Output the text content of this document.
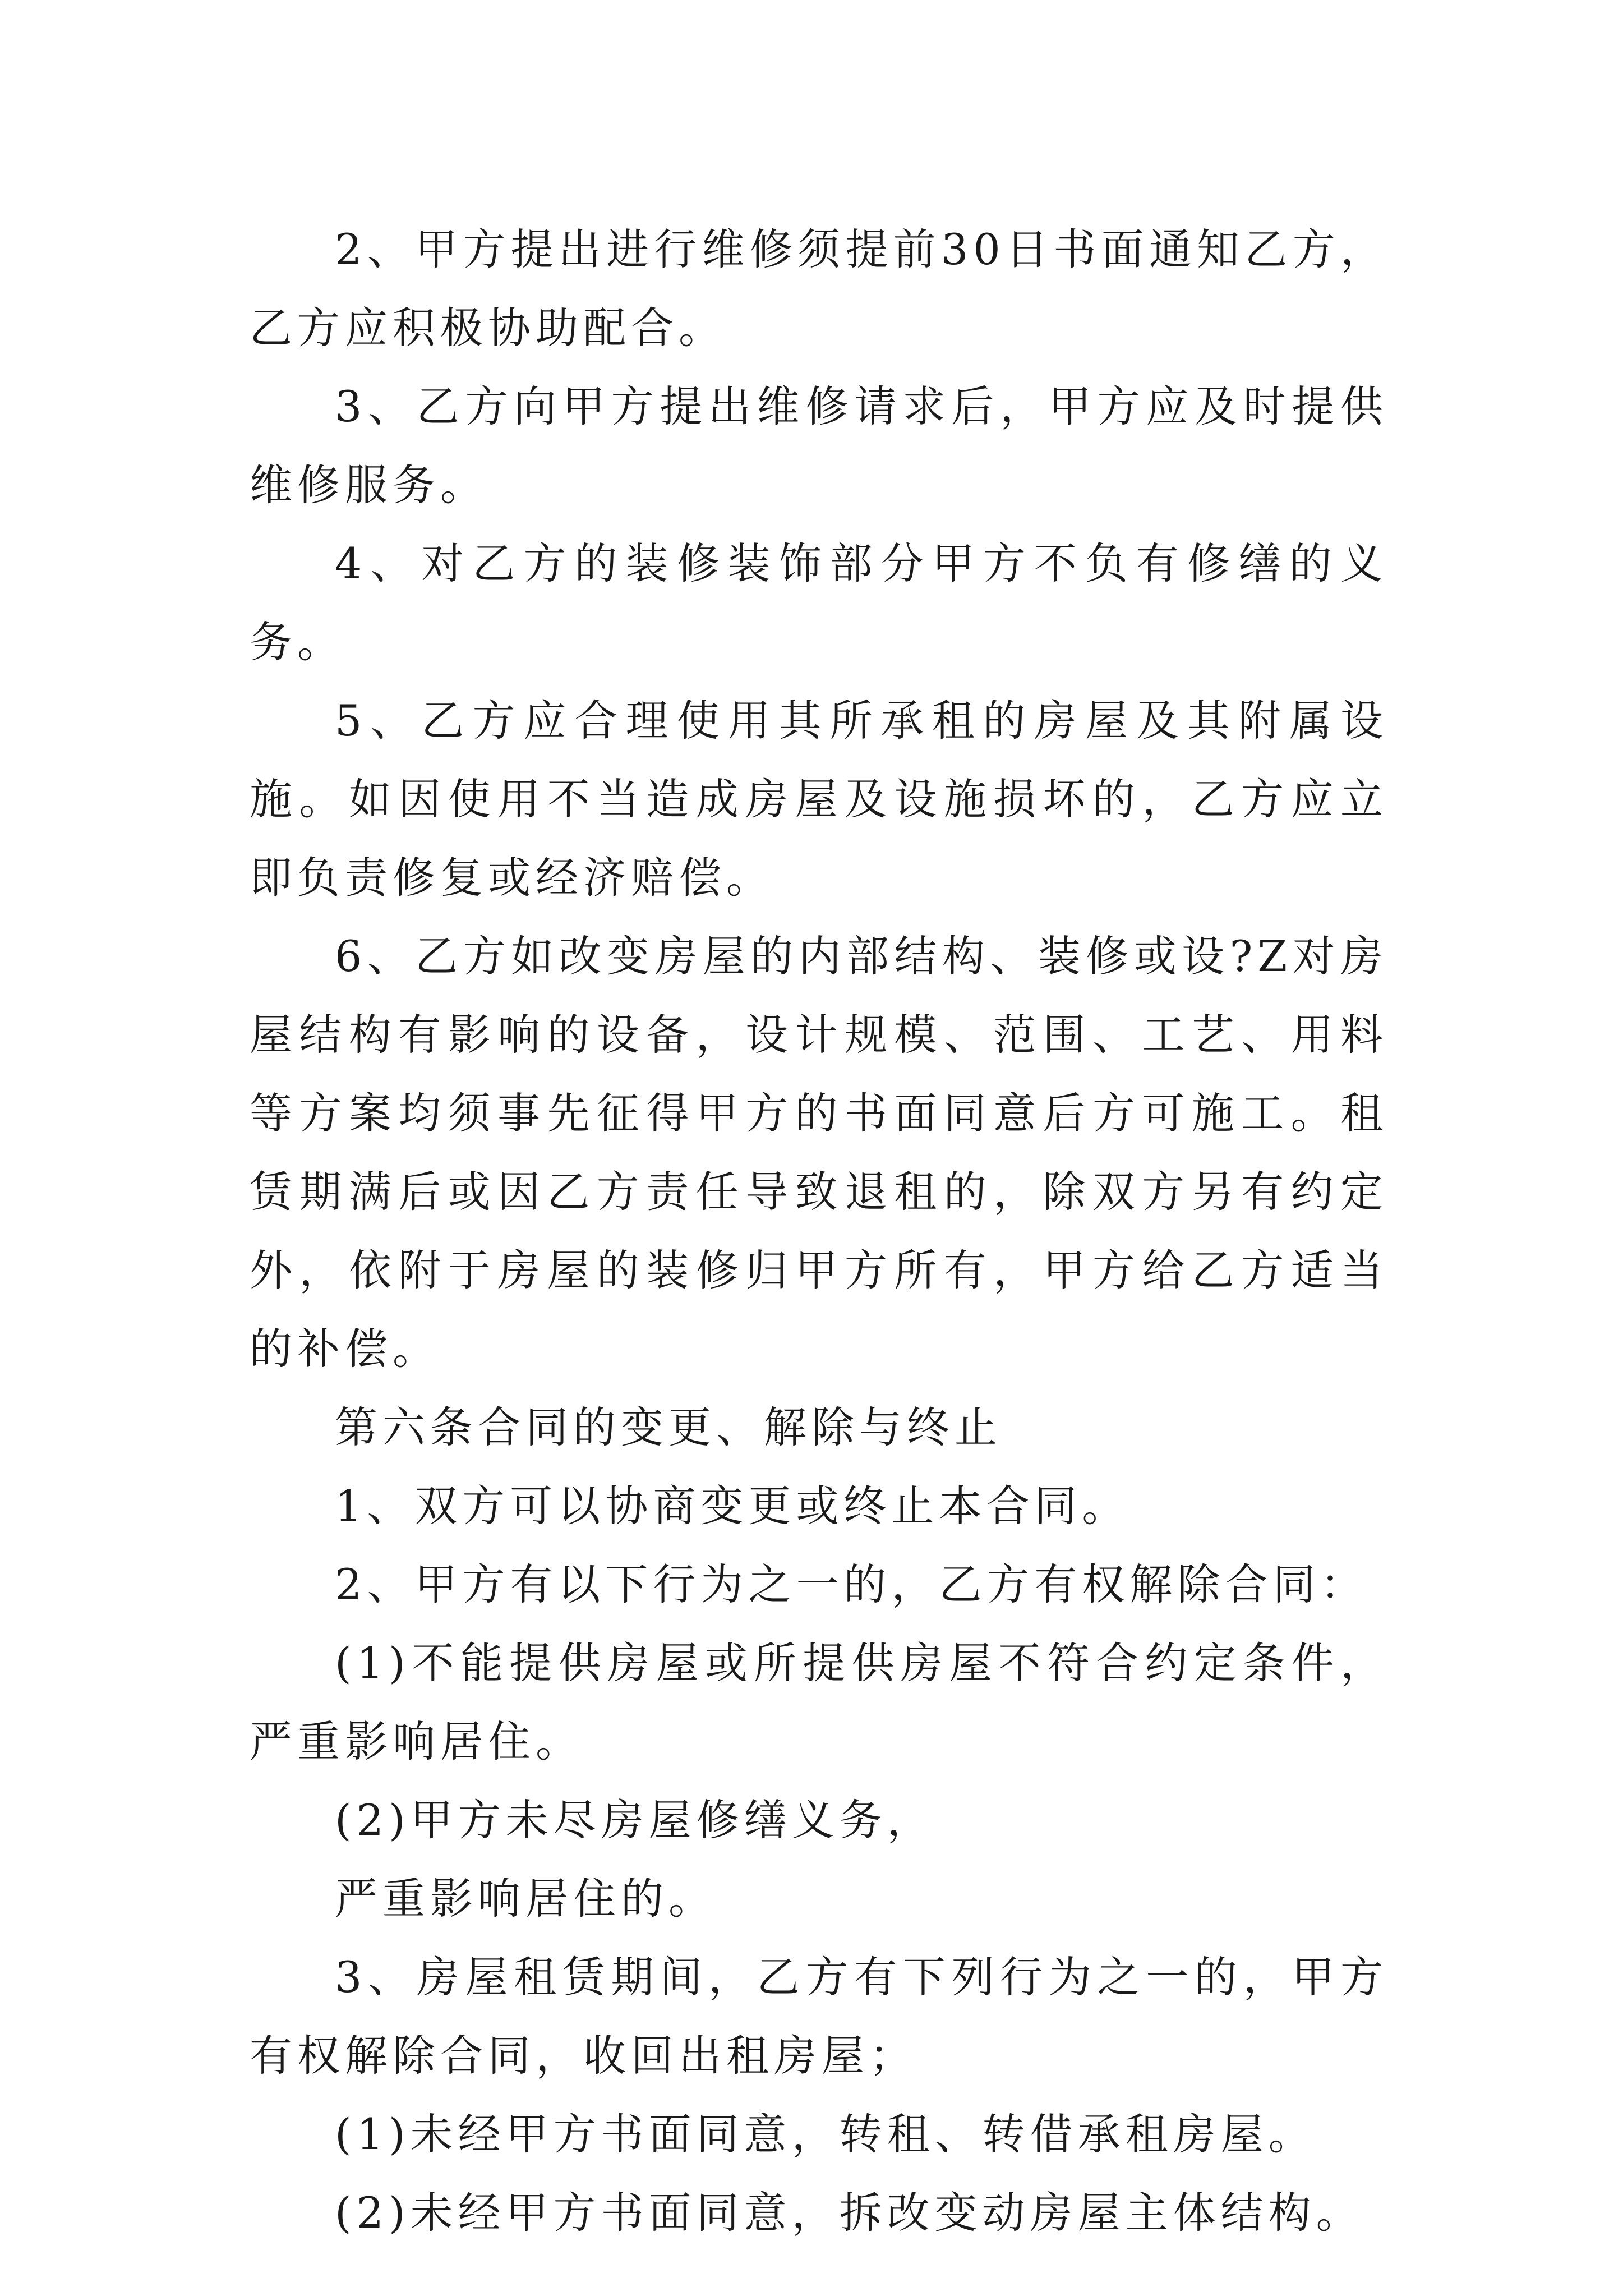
2、甲方提出进行维修须提前30日书面通知乙方，乙方应积极协助配合。

3、乙方向甲方提出维修请求后，甲方应及时提供维修服务。

4、对乙方的装修装饰部分甲方不负有修缮的义务。

5、乙方应合理使用其所承租的房屋及其附属设施。如因使用不当造成房屋及设施损坏的，乙方应立即负责修复或经济赔偿。

6、乙方如改变房屋的内部结构、装修或设?Z对房屋结构有影响的设备，设计规模、范围、工艺、用料等方案均须事先征得甲方的书面同意后方可施工。租赁期满后或因乙方责任导致退租的，除双方另有约定外，依附于房屋的装修归甲方所有，甲方给乙方适当的补偿。

第六条合同的变更、解除与终止

1、双方可以协商变更或终止本合同。

2、甲方有以下行为之一的，乙方有权解除合同：

(1)不能提供房屋或所提供房屋不符合约定条件，严重影响居住。

(2)甲方未尽房屋修缮义务，

严重影响居住的。

3、房屋租赁期间，乙方有下列行为之一的，甲方有权解除合同，收回出租房屋；

(1)未经甲方书面同意，转租、转借承租房屋。

(2)未经甲方书面同意，拆改变动房屋主体结构。
